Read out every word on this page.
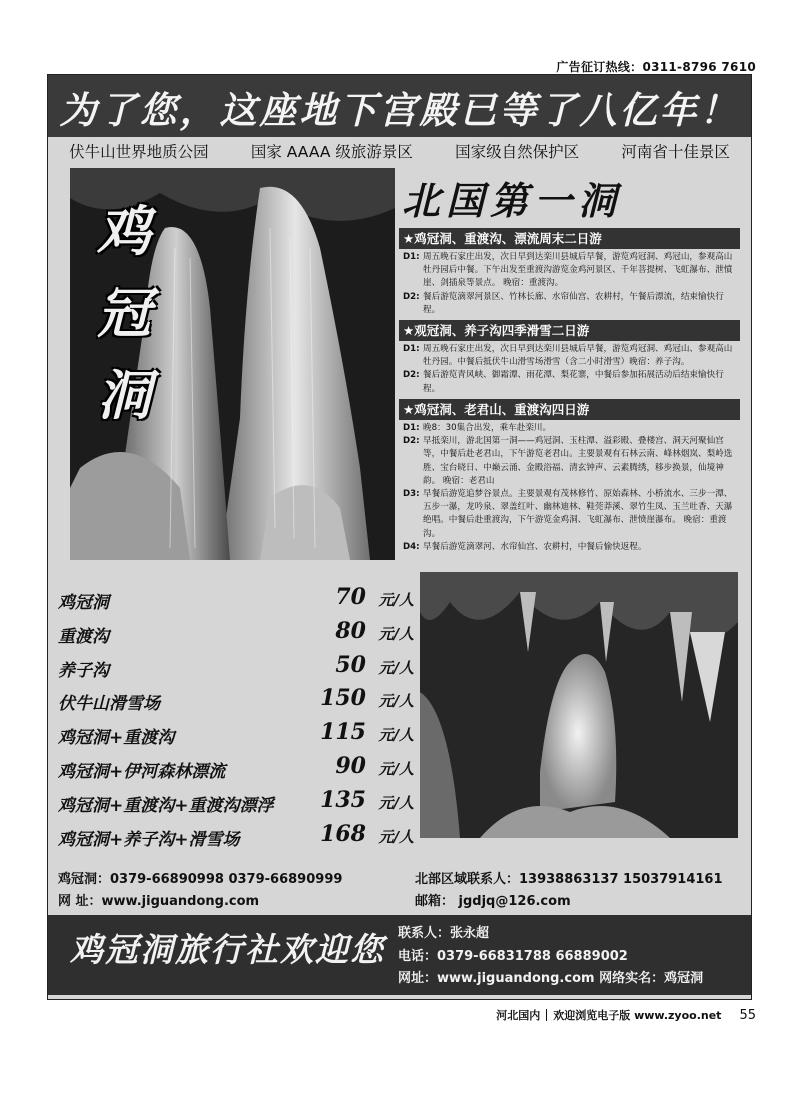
广告征订热线：0311-8796 7610
为了您，这座地下宫殿已等了八亿年！
伏牛山世界地质公园	国家 AAAA 级旅游景区	国家级自然保护区	河南省十佳景区
鸡冠洞
北国第一洞
★鸡冠洞、重渡沟、漂流周末二日游
D1: 周五晚石家庄出发，次日早到达栾川县城后早餐，游览鸡冠洞、鸡冠山，参观高山牡丹园后中餐。下午出发至重渡沟游览金鸡河景区、千年菩提树、飞虹瀑布、泄憤崖、剑插泉等景点。 晚宿：重渡沟。
D2: 餐后游览滴翠河景区、竹林长廊、水帘仙宫、农耕村，午餐后漂流，结束愉快行程。
★观冠洞、养子沟四季滑雪二日游
D1: 周五晚石家庄出发，次日早到达栾川县城后早餐，游览鸡冠洞、鸡冠山、参观高山牡丹园。中餐后抵伏牛山滑雪场滑雪（含二小时滑雪）晚宿：养子沟。
D2: 餐后游览青风峡、御霜潭、雨花潭、梨花寨，中餐后参加拓展活动后结束愉快行程。
★鸡冠洞、老君山、重渡沟四日游
D1: 晚8：30集合出发，乘车赴栾川。
D2: 早抵栾川，游北国第一洞——鸡冠洞、玉柱潭、溢彩殿、叠楼宫、洞天河聚仙宫等，中餐后赴老君山，下午游览老君山。主要景观有石林云南、峰林烟岚、梨岭选胜、宝台晓日、中巅云涌、金殿浴福、清玄钟声、云素腾绣，移步换景，仙境神韵。 晚宿：老君山
D3: 早餐后游览追梦谷景点。主要景观有茂林修竹、原始森林、小桥流水、三步一潭、五步一瀑，龙吟泉、翠盖红叶、幽林迪林、鞋莞莽溪、翠竹生凤、玉兰吐香、天瀑绝唱。中餐后赴重渡沟，下午游览金鸡洞、飞虹瀑布、泄愤崖瀑布。 晚宿：重渡沟。
D4: 早餐后游览滴翠河、水帘仙宫、农耕村，中餐后愉快返程。
鸡冠洞	70 元/人
重渡沟	80 元/人
养子沟	50 元/人
伏牛山滑雪场	150 元/人
鸡冠洞+重渡沟	115 元/人
鸡冠洞+伊河森林漂流	90 元/人
鸡冠洞+重渡沟+重渡沟漂浮 135 元/人
鸡冠洞+养子沟+滑雪场	168 元/人
鸡冠洞：0379-66890998 0379-66890999
网 址：www.jiguandong.com
北部区域联系人：13938863137 15037914161
邮箱： jgdjq@126.com
鸡冠洞旅行社欢迎您	联系人：张永超
电话：0379-66831788 66889002
网址：www.jiguandong.com 网络实名：鸡冠洞
河北国内 欢迎浏览电子版 www.zyoo.net 55
